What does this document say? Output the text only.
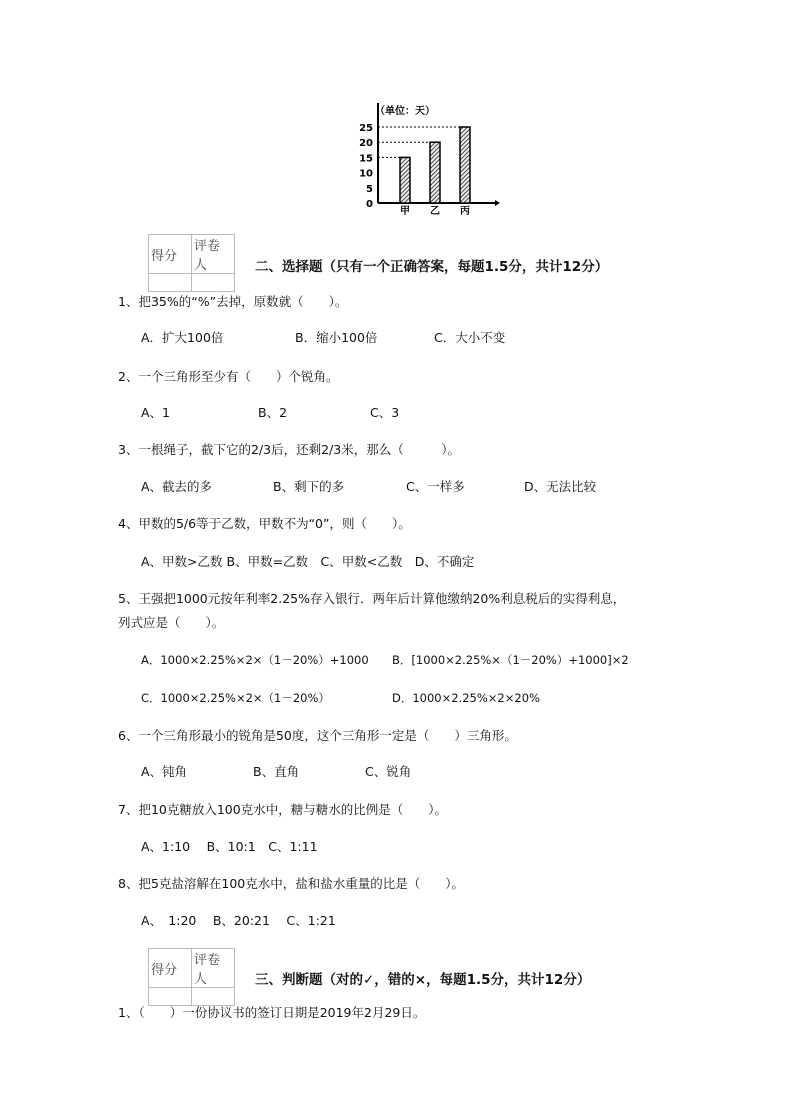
（单位：天）
0
5
10
15
20
25
甲 乙 丙
得分	评卷人
		二、选择题（只有一个正确答案，每题1.5分，共计12分）
1、把35%的“%”去掉，原数就（　　）。
A．扩大100倍	B．缩小100倍	C．大小不变
2、一个三角形至少有（　　）个锐角。
A、1	B、2	C、3
3、一根绳子，截下它的2/3后，还剩2/3米，那么（　　　）。
A、截去的多	B、剩下的多	C、一样多	D、无法比较
4、甲数的5/6等于乙数，甲数不为“0”，则（　　）。
A、甲数>乙数 B、甲数=乙数　C、甲数<乙数　D、不确定
5、王强把1000元按年利率2.25%存入银行．两年后计算他缴纳20%利息税后的实得利息，
列式应是（　　）。
A．1000×2.25%×2×（1－20%）+1000 B．[1000×2.25%×（1－20%）+1000]×2
C．1000×2.25%×2×（1－20%）	D．1000×2.25%×2×20%
6、一个三角形最小的锐角是50度，这个三角形一定是（　　）三角形。
A、钝角	B、直角	C、锐角
7、把10克糖放入100克水中，糖与糖水的比例是（　　）。
A、1:10　 B、10:1　C、1:11
8、把5克盐溶解在100克水中，盐和盐水重量的比是（　　）。
A、　1:20　 B、20:21　 C、1:21
得分	评卷人
		三、判断题（对的✓，错的×，每题1.5分，共计12分）
1、（　　）一份协议书的签订日期是2019年2月29日。
